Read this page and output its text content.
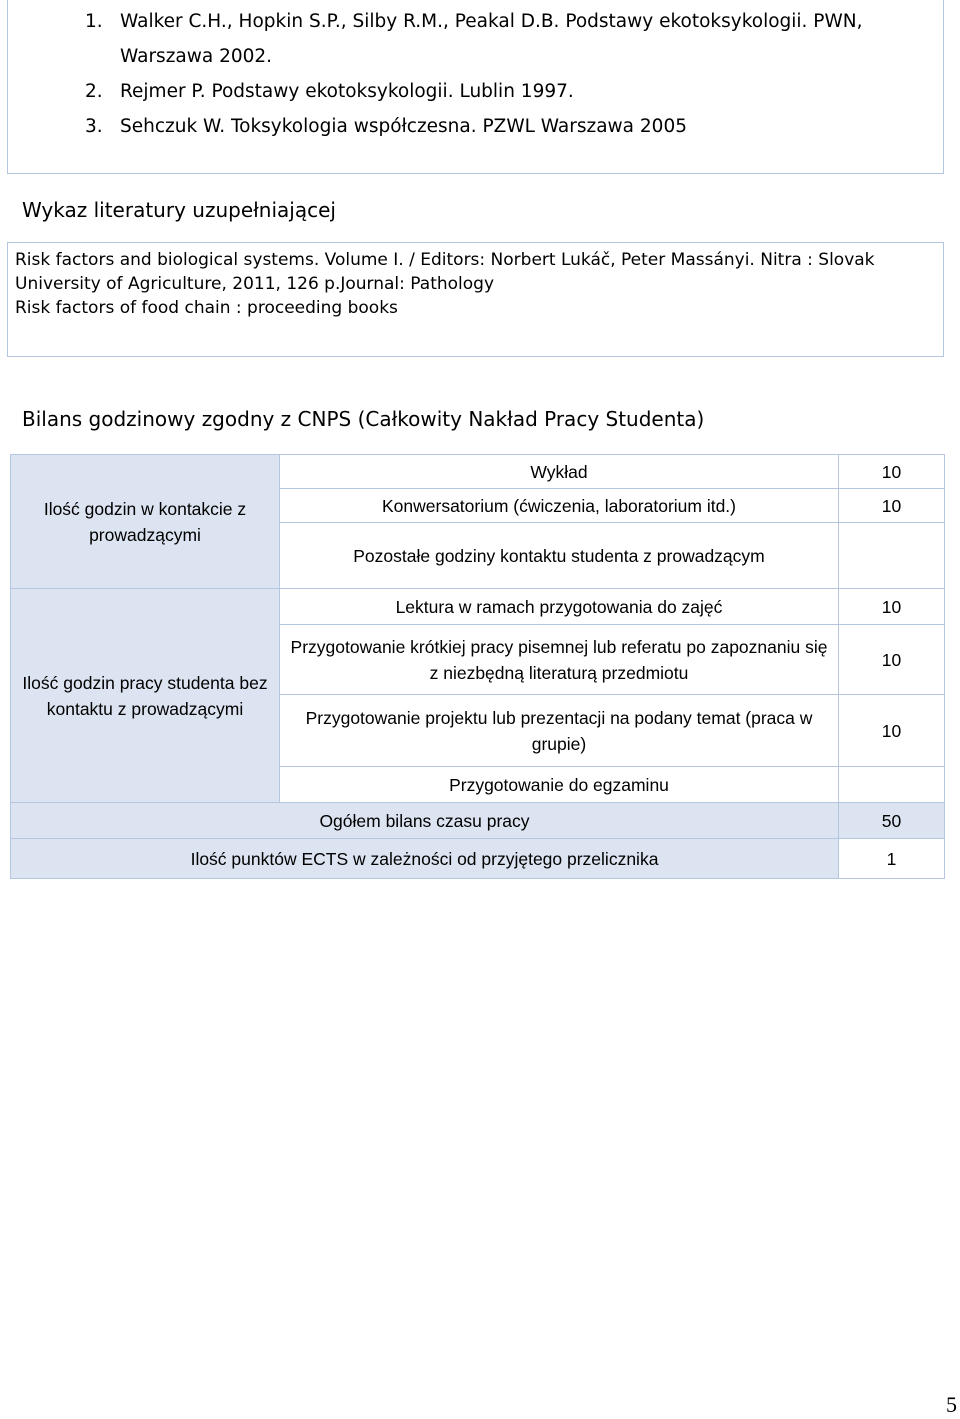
1. Walker C.H., Hopkin S.P., Silby R.M., Peakal D.B. Podstawy ekotoksykologii. PWN, Warszawa 2002.
2. Rejmer P. Podstawy ekotoksykologii. Lublin 1997.
3. Sehczuk W. Toksykologia współczesna. PZWL Warszawa 2005
Wykaz literatury uzupełniającej
Risk factors and biological systems. Volume I. / Editors: Norbert Lukáč, Peter Massányi. Nitra : Slovak University of Agriculture, 2011, 126 p.Journal: Pathology
Risk factors of food chain : proceeding books
Bilans godzinowy zgodny z CNPS (Całkowity Nakład Pracy Studenta)
Ilość godzin w kontakcie z prowadzącymi	Wykład	10
	Konwersatorium (ćwiczenia, laboratorium itd.)	10
	Pozostałe godziny kontaktu studenta z prowadzącym	
Ilość godzin pracy studenta bez kontaktu z prowadzącymi	Lektura w ramach przygotowania do zajęć	10
	Przygotowanie krótkiej pracy pisemnej lub referatu po zapoznaniu się z niezbędną literaturą przedmiotu	10
	Przygotowanie projektu lub prezentacji na podany temat (praca w grupie)	10
	Przygotowanie do egzaminu	
Ogółem bilans czasu pracy		50
Ilość punktów ECTS w zależności od przyjętego przelicznika		1
5
